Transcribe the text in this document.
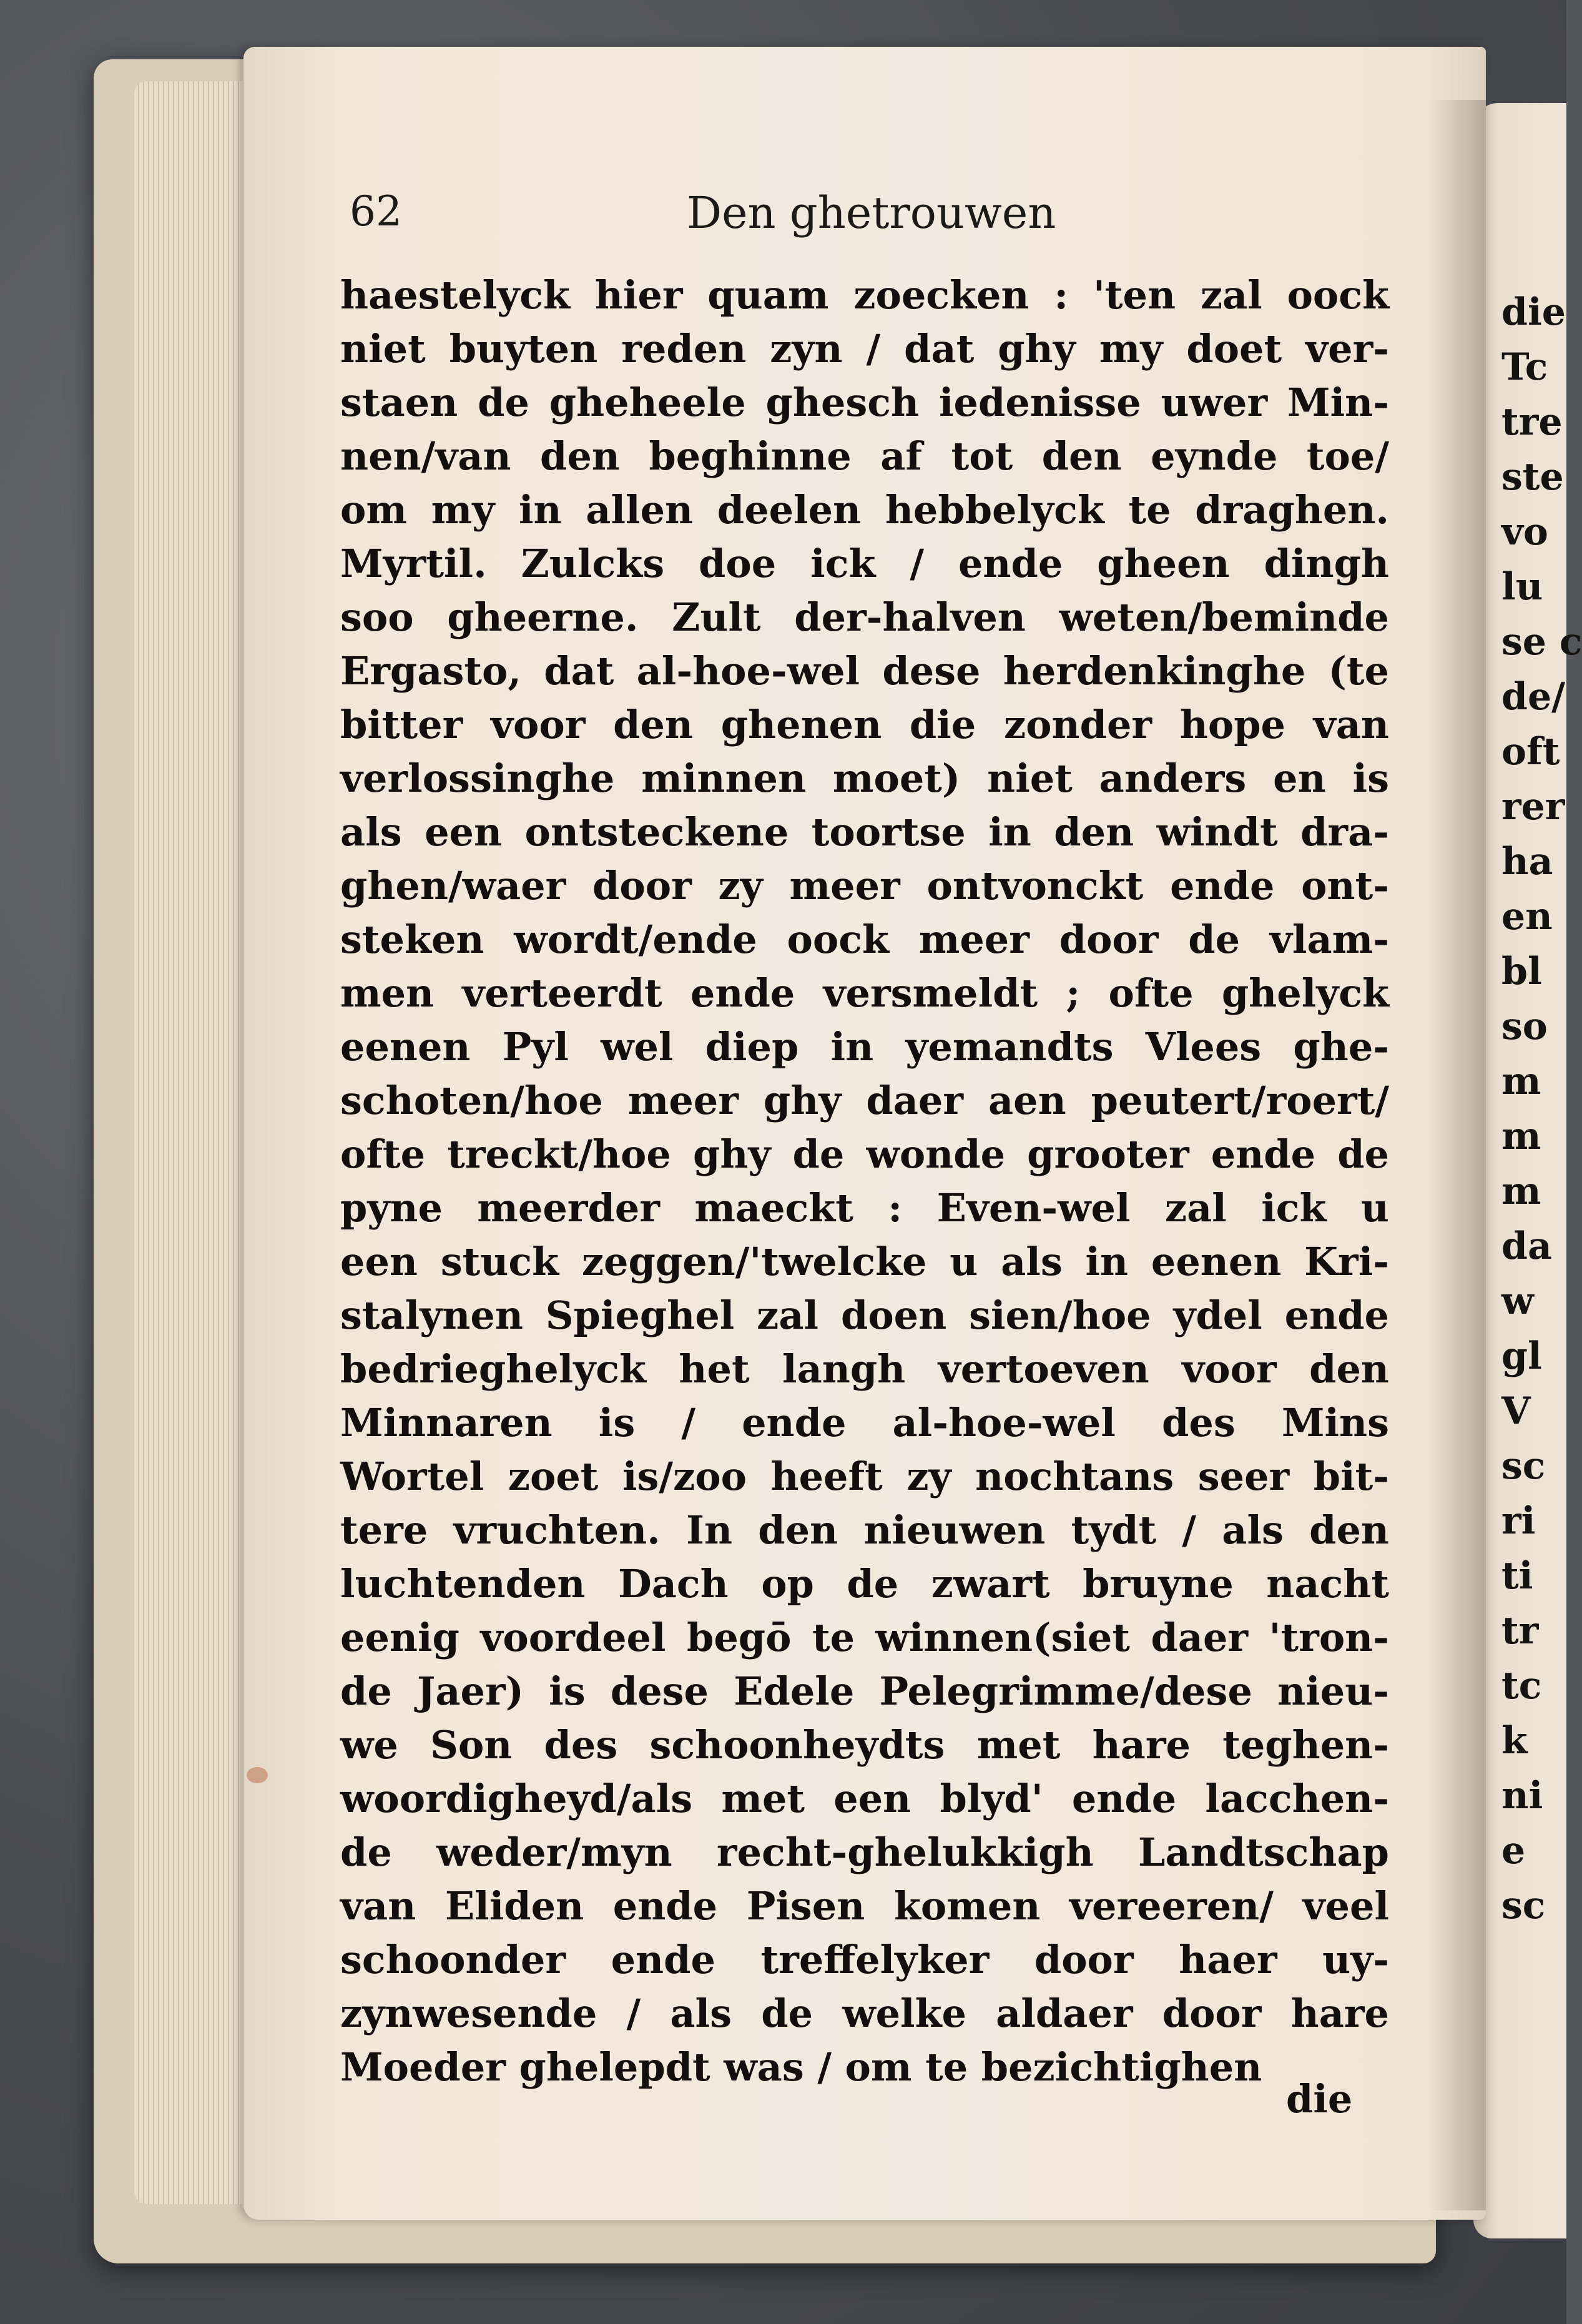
die
Tc
tre
ste
vo
lu
se c
de/
oft
rer
ha
en
bl
so
m
m
m
da
w
gl
V
sc
ri
ti
tr
tc
k
ni
e
sc
62	Den ghetrouwen
haestelyck hier quam zoecken : 'ten zal oock
niet buyten reden zyn / dat ghy my doet ver-
staen de gheheele ghesch iedenisse uwer Min-
nen/van den beghinne af tot den eynde toe/
om my in allen deelen hebbelyck te draghen.
Myrtil. Zulcks doe ick / ende gheen dingh
soo gheerne. Zult der-halven weten/beminde
Ergasto, dat al-hoe-wel dese herdenkinghe (te
bitter voor den ghenen die zonder hope van
verlossinghe minnen moet) niet anders en is
als een ontsteckene toortse in den windt dra-
ghen/waer door zy meer ontvonckt ende ont-
steken wordt/ende oock meer door de vlam-
men verteerdt ende versmeldt ; ofte ghelyck
eenen Pyl wel diep in yemandts Vlees ghe-
schoten/hoe meer ghy daer aen peutert/roert/
ofte treckt/hoe ghy de wonde grooter ende de
pyne meerder maeckt : Even-wel zal ick u
een stuck zeggen/'twelcke u als in eenen Kri-
stalynen Spieghel zal doen sien/hoe ydel ende
bedrieghelyck het langh vertoeven voor den
Minnaren is / ende al-hoe-wel des Mins
Wortel zoet is/zoo heeft zy nochtans seer bit-
tere vruchten. In den nieuwen tydt / als den
luchtenden Dach op de zwart bruyne nacht
eenig voordeel begō te winnen(siet daer 'tron-
de Jaer) is dese Edele Pelegrimme/dese nieu-
we Son des schoonheydts met hare teghen-
woordigheyd/als met een blyd' ende lacchen-
de weder/myn recht-ghelukkigh Landtschap
van Eliden ende Pisen komen vereeren/ veel
schoonder ende treffelyker door haer uy-
zynwesende / als de welke aldaer door hare
Moeder ghelepdt was / om te bezichtighen
die
